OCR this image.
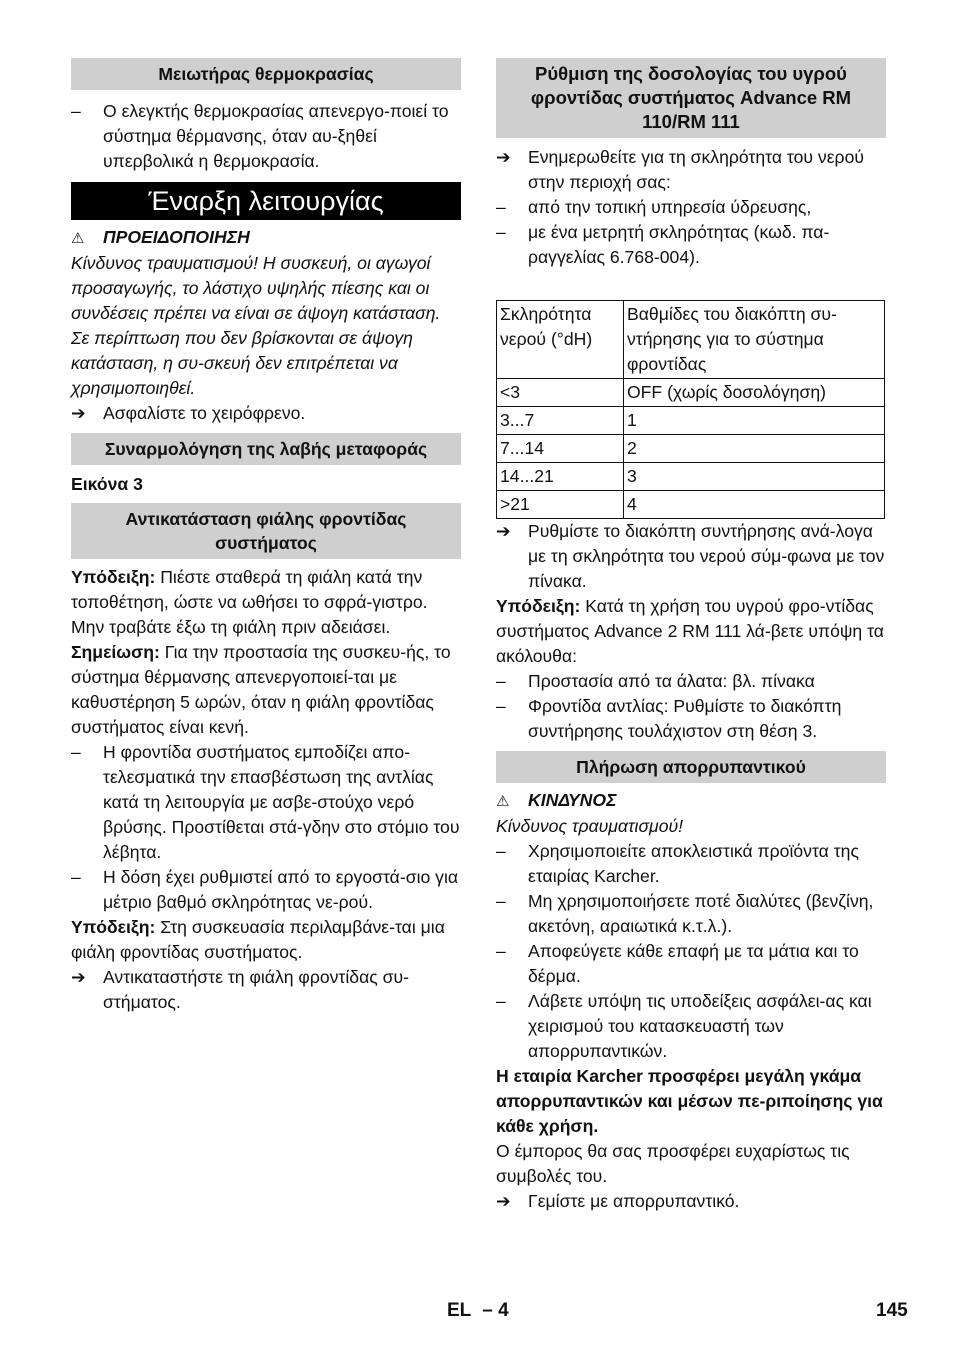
Μειωτήρας θερμοκρασίας
– Ο ελεγκτής θερμοκρασίας απενεργο-ποιεί το σύστημα θέρμανσης, όταν αυ-ξηθεί υπερβολικά η θερμοκρασία.
Έναρξη λειτουργίας
⚠ ΠΡΟΕΙΔΟΠΟΙΗΣΗ

Κίνδυνος τραυματισμού! Η συσκευή, οι αγωγοί προσαγωγής, το λάστιχο υψηλής πίεσης και οι συνδέσεις πρέπει να είναι σε άψογη κατάσταση. Σε περίπτωση που δεν βρίσκονται σε άψογη κατάσταση, η συ-σκευή δεν επιτρέπεται να χρησιμοποιηθεί.

➔ Ασφαλίστε το χειρόφρενο.
Συναρμολόγηση της λαβής μεταφοράς

Εικόνα 3

Αντικατάσταση φιάλης φροντίδας συστήματος

Υπόδειξη: Πιέστε σταθερά τη φιάλη κατά την τοποθέτηση, ώστε να ωθήσει το σφρά-γιστρο. Μην τραβάτε έξω τη φιάλη πριν αδειάσει.

Σημείωση: Για την προστασία της συσκευ-ής, το σύστημα θέρμανσης απενεργοποιεί-ται με καθυστέρηση 5 ωρών, όταν η φιάλη φροντίδας συστήματος είναι κενή.

– Η φροντίδα συστήματος εμποδίζει απο-τελεσματικά την επασβέστωση της αντλίας κατά τη λειτουργία με ασβε-στούχο νερό βρύσης. Προστίθεται στά-γδην στο στόμιο του λέβητα.
– Η δόση έχει ρυθμιστεί από το εργοστά-σιο για μέτριο βαθμό σκληρότητας νε-ρού.

Υπόδειξη: Στη συσκευασία περιλαμβάνε-ται μια φιάλη φροντίδας συστήματος.

➔ Αντικαταστήστε τη φιάλη φροντίδας συ-στήματος.
Ρύθμιση της δοσολογίας του υγρού φροντίδας συστήματος Advance RM 110/RM 111
➔ Ενημερωθείτε για τη σκληρότητα του νερού στην περιοχή σας:
– από την τοπική υπηρεσία ύδρευσης,
– με ένα μετρητή σκληρότητας (κωδ. πα-ραγγελίας 6.768-004).
Σκληρότητα νερού (°dH)	Βαθμίδες του διακόπτη συ-ντήρησης για το σύστημα φροντίδας
<3	OFF (χωρίς δοσολόγηση)
3...7	1
7...14	2
14...21	3
>21	4
➔ Ρυθμίστε το διακόπτη συντήρησης ανά-λογα με τη σκληρότητα του νερού σύμ-φωνα με τον πίνακα.

Υπόδειξη: Κατά τη χρήση του υγρού φρο-ντίδας συστήματος Advance 2 RM 111 λά-βετε υπόψη τα ακόλουθα:

– Προστασία από τα άλατα: βλ. πίνακα
– Φροντίδα αντλίας: Ρυθμίστε το διακόπτη συντήρησης τουλάχιστον στη θέση 3.
Πλήρωση απορρυπαντικού
⚠ ΚΙΝΔΥΝΟΣ

Κίνδυνος τραυματισμού!

– Χρησιμοποιείτε αποκλειστικά προϊόντα της εταιρίας Karcher.
– Μη χρησιμοποιήσετε ποτέ διαλύτες (βενζίνη, ακετόνη, αραιωτικά κ.τ.λ.).
– Αποφεύγετε κάθε επαφή με τα μάτια και το δέρμα.
– Λάβετε υπόψη τις υποδείξεις ασφάλει-ας και χειρισμού του κατασκευαστή των απορρυπαντικών.

Η εταιρία Karcher προσφέρει μεγάλη γκάμα απορρυπαντικών και μέσων πε-ριποίησης για κάθε χρήση.

Ο έμπορος θα σας προσφέρει ευχαρίστως τις συμβολές του.

➔ Γεμίστε με απορρυπαντικό.
EL – 4	145
